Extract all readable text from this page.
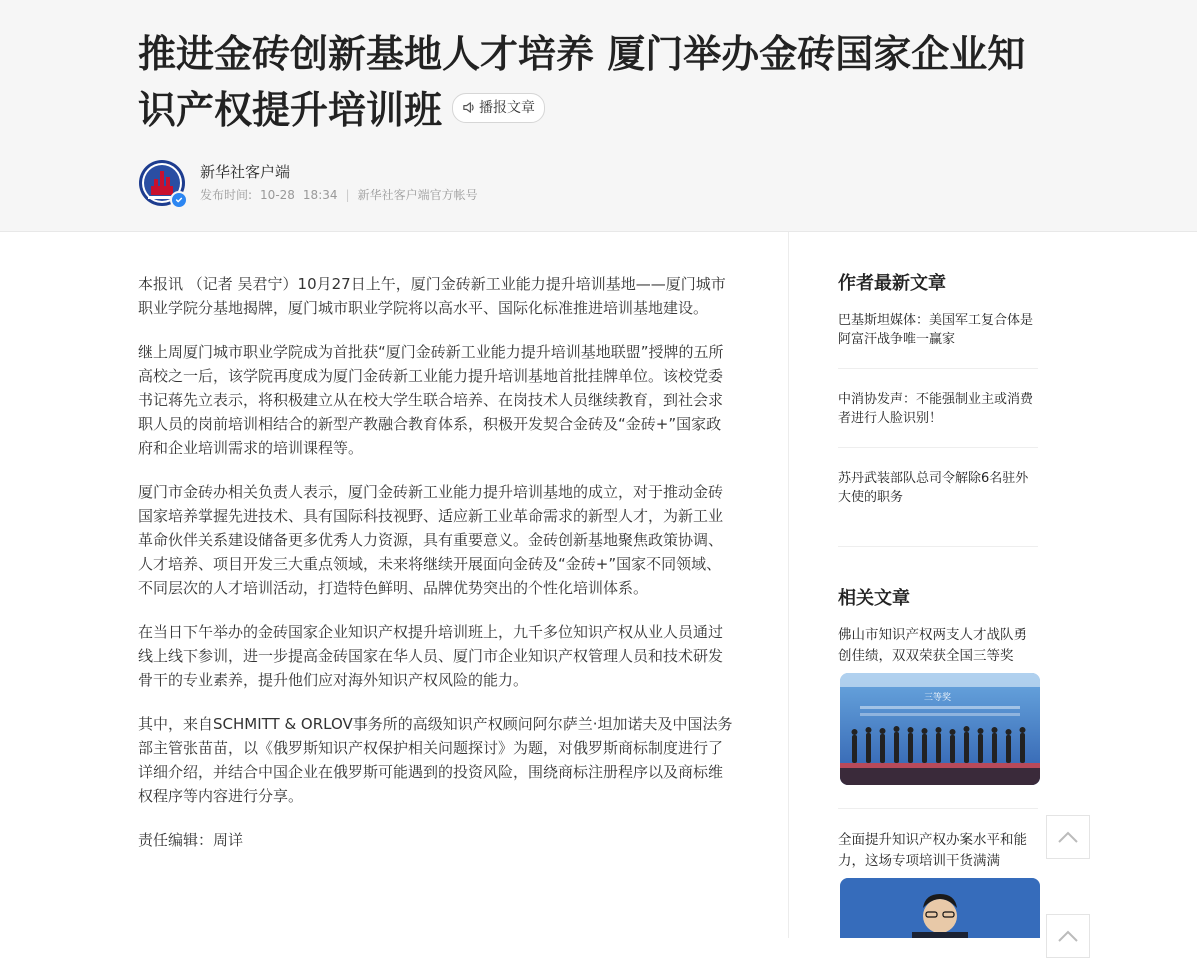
推进金砖创新基地人才培养 厦门举办金砖国家企业知识产权提升培训班	播报文章
新华社客户端
发布时间: 10-28 18:34 | 新华社客户端官方帐号

本报讯 （记者 吴君宁）10月27日上午，厦门金砖新工业能力提升培训基地——厦门城市职业学院分基地揭牌，厦门城市职业学院将以高水平、国际化标准推进培训基地建设。

继上周厦门城市职业学院成为首批获“厦门金砖新工业能力提升培训基地联盟”授牌的五所高校之一后，该学院再度成为厦门金砖新工业能力提升培训基地首批挂牌单位。该校党委书记蒋先立表示，将积极建立从在校大学生联合培养、在岗技术人员继续教育，到社会求职人员的岗前培训相结合的新型产教融合教育体系，积极开发契合金砖及“金砖+”国家政府和企业培训需求的培训课程等。

厦门市金砖办相关负责人表示，厦门金砖新工业能力提升培训基地的成立，对于推动金砖国家培养掌握先进技术、具有国际科技视野、适应新工业革命需求的新型人才，为新工业革命伙伴关系建设储备更多优秀人力资源，具有重要意义。金砖创新基地聚焦政策协调、人才培养、项目开发三大重点领域，未来将继续开展面向金砖及“金砖+”国家不同领域、不同层次的人才培训活动，打造特色鲜明、品牌优势突出的个性化培训体系。

在当日下午举办的金砖国家企业知识产权提升培训班上，九千多位知识产权从业人员通过线上线下参训，进一步提高金砖国家在华人员、厦门市企业知识产权管理人员和技术研发骨干的专业素养，提升他们应对海外知识产权风险的能力。

其中，来自SCHMITT & ORLOV事务所的高级知识产权顾问阿尔萨兰·坦加诺夫及中国法务部主管张苗苗，以《俄罗斯知识产权保护相关问题探讨》为题，对俄罗斯商标制度进行了详细介绍，并结合中国企业在俄罗斯可能遇到的投资风险，围绕商标注册程序以及商标维权程序等内容进行分享。

责任编辑：周详

作者最新文章
巴基斯坦媒体：美国军工复合体是阿富汗战争唯一赢家
中消协发声：不能强制业主或消费者进行人脸识别！
苏丹武装部队总司令解除6名驻外大使的职务
相关文章
佛山市知识产权两支人才战队勇创佳绩，双双荣获全国三等奖
三等奖
全面提升知识产权办案水平和能力，这场专项培训干货满满
